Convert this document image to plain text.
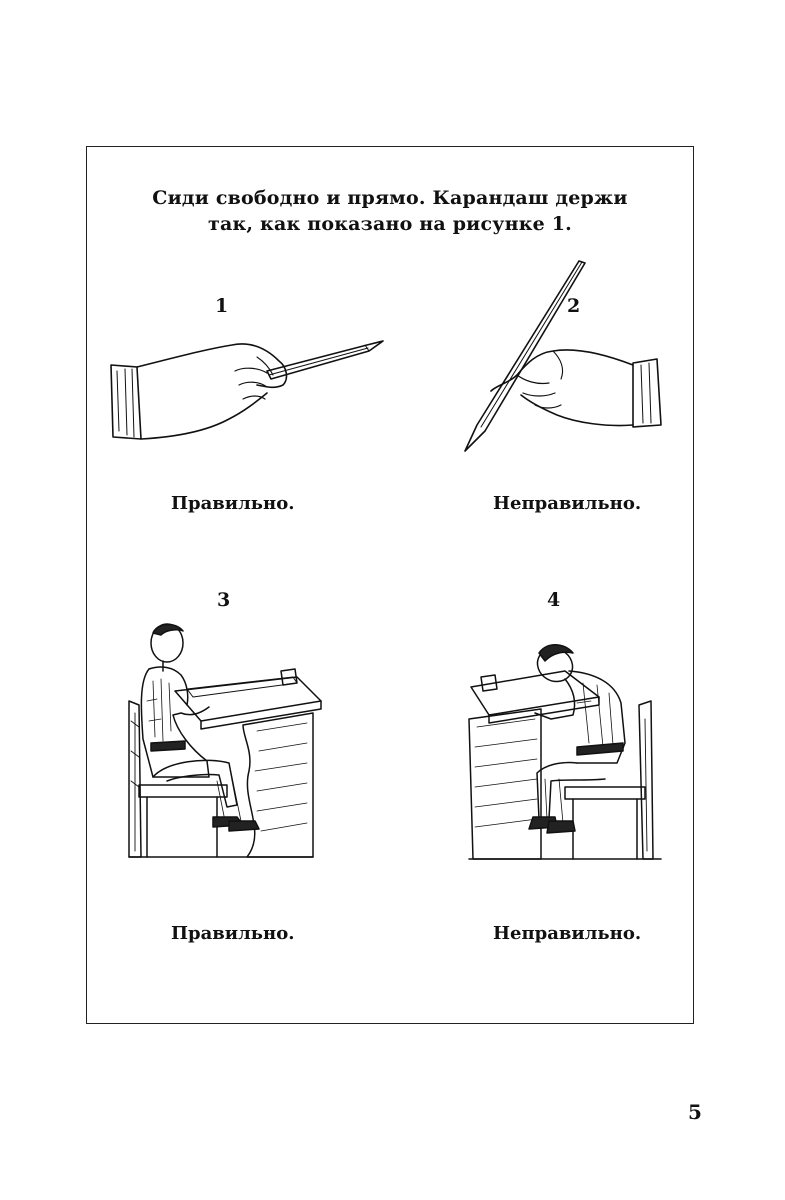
Сиди свободно и прямо. Карандаш держи
так, как показано на рисунке 1.
1
Правильно.
2
Неправильно.
3
Правильно.
4
Неправильно.
5
